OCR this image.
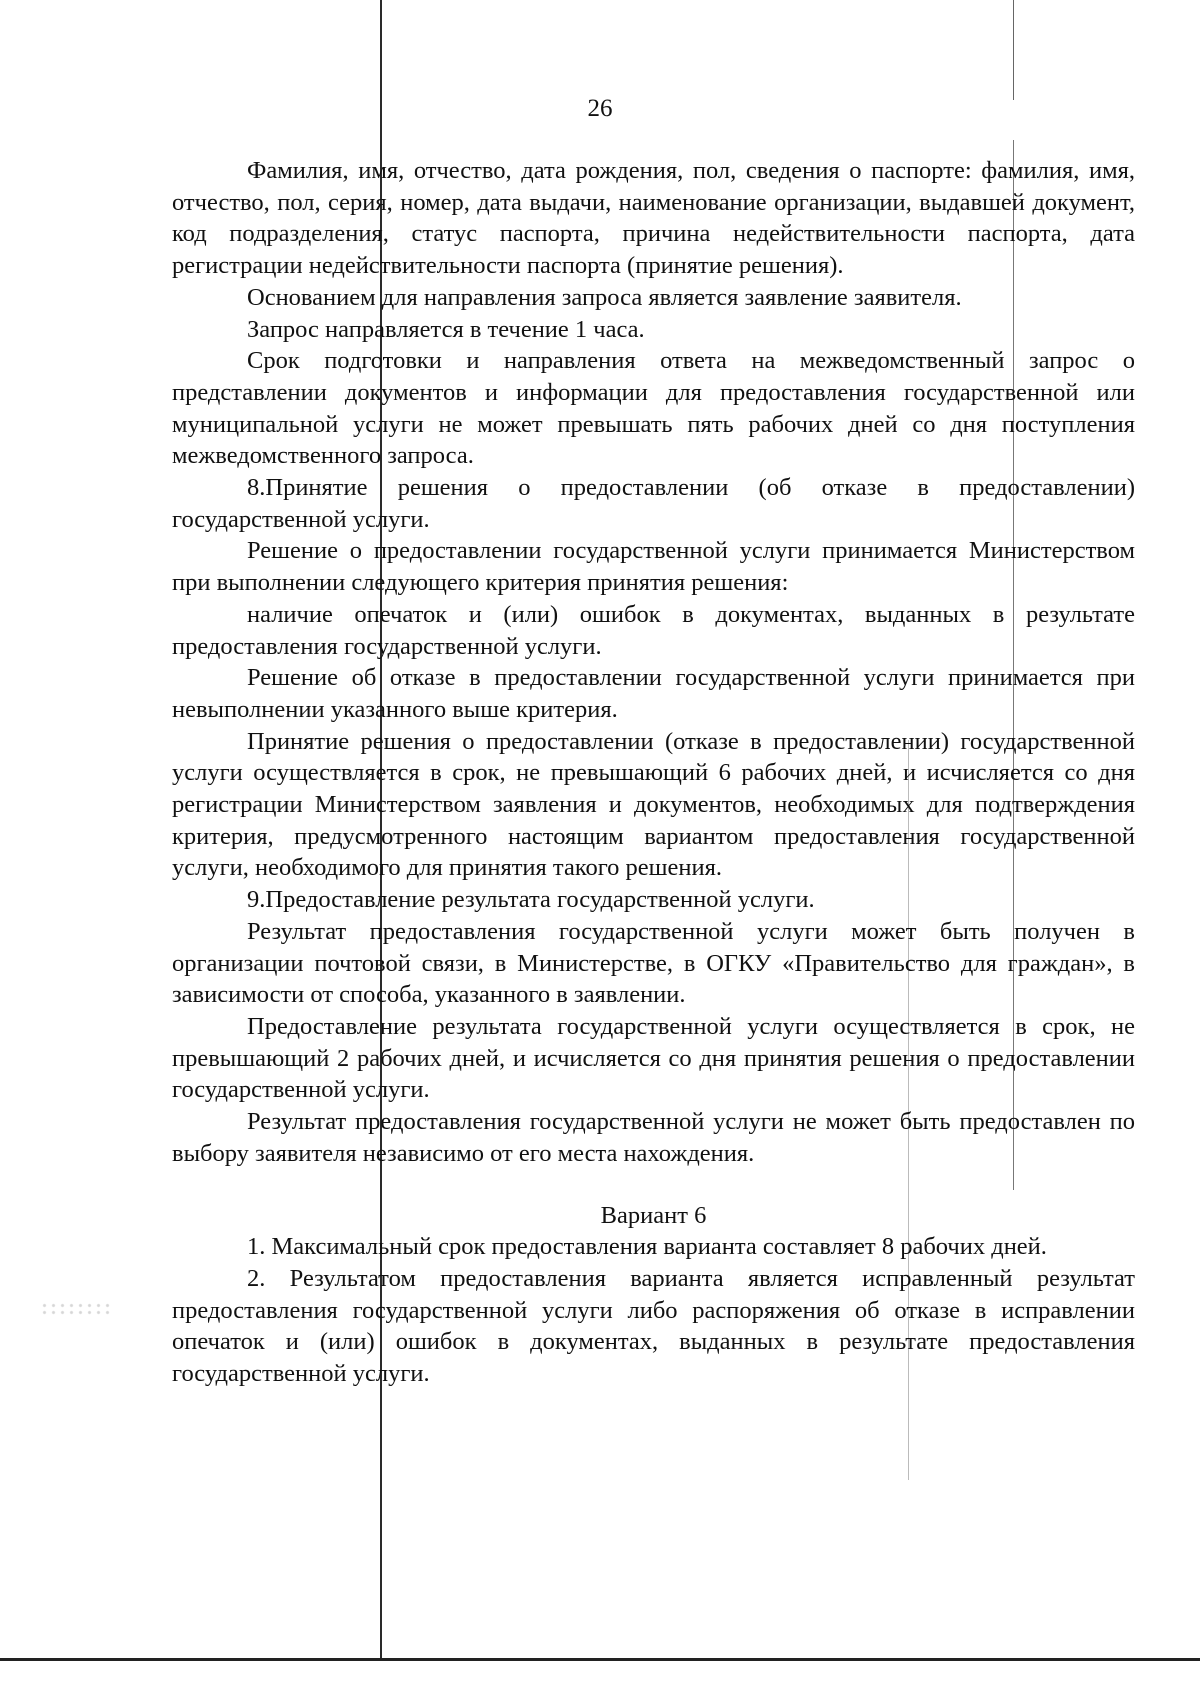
26

Фамилия, имя, отчество, дата рождения, пол, сведения о паспорте: фамилия, имя, отчество, пол, серия, номер, дата выдачи, наименование организации, выдавшей документ, код подразделения, статус паспорта, причина недействительности паспорта, дата регистрации недействительности паспорта (принятие решения).

Основанием для направления запроса является заявление заявителя.

Запрос направляется в течение 1 часа.

Срок подготовки и направления ответа на межведомственный запрос о представлении документов и информации для предоставления государственной или муниципальной услуги не может превышать пять рабочих дней со дня поступления межведомственного запроса.

8.Принятие решения о предоставлении (об отказе в предоставлении) государственной услуги.

Решение о предоставлении государственной услуги принимается Министерством при выполнении следующего критерия принятия решения:

наличие опечаток и (или) ошибок в документах, выданных в результате предоставления государственной услуги.

Решение об отказе в предоставлении государственной услуги принимается при невыполнении указанного выше критерия.

Принятие решения о предоставлении (отказе в предоставлении) государственной услуги осуществляется в срок, не превышающий 6 рабочих дней, и исчисляется со дня регистрации Министерством заявления и документов, необходимых для подтверждения критерия, предусмотренного настоящим вариантом предоставления государственной услуги, необходимого для принятия такого решения.

9.Предоставление результата государственной услуги.

Результат предоставления государственной услуги может быть получен в организации почтовой связи, в Министерстве, в ОГКУ «Правительство для граждан», в зависимости от способа, указанного в заявлении.

Предоставление результата государственной услуги осуществляется в срок, не превышающий 2 рабочих дней, и исчисляется со дня принятия решения о предоставлении государственной услуги.

Результат предоставления государственной услуги не может быть предоставлен по выбору заявителя независимо от его места нахождения.

Вариант 6

1. Максимальный срок предоставления варианта составляет 8 рабочих дней.

2. Результатом предоставления варианта является исправленный результат предоставления государственной услуги либо распоряжения об отказе в исправлении опечаток и (или) ошибок в документах, выданных в результате предоставления государственной услуги.
